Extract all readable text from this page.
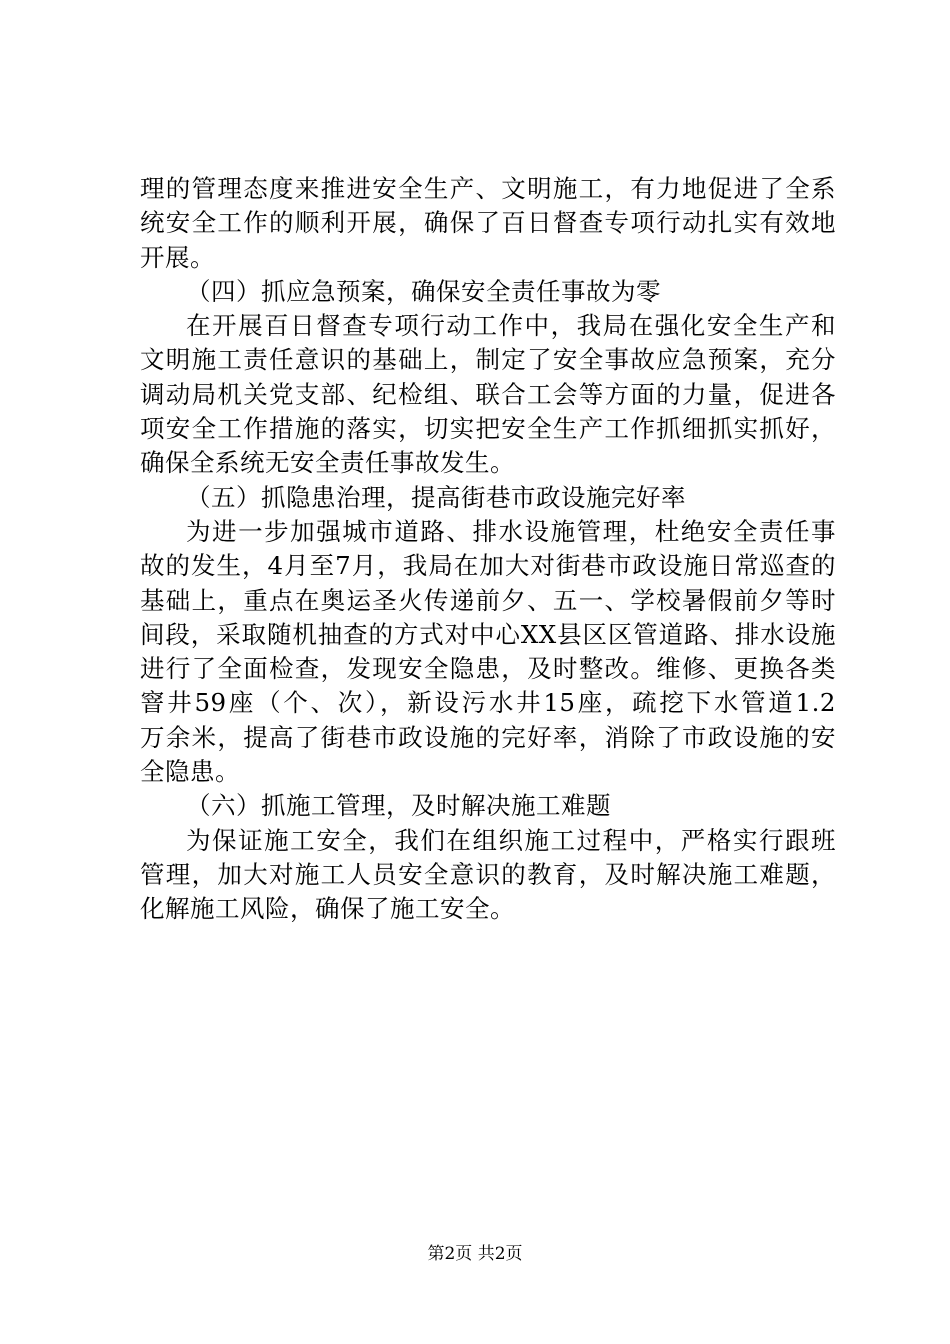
理的管理态度来推进安全生产、文明施工，有力地促进了全系
统安全工作的顺利开展，确保了百日督查专项行动扎实有效地
开展。
（四）抓应急预案，确保安全责任事故为零
在开展百日督查专项行动工作中，我局在强化安全生产和
文明施工责任意识的基础上，制定了安全事故应急预案，充分
调动局机关党支部、纪检组、联合工会等方面的力量，促进各
项安全工作措施的落实，切实把安全生产工作抓细抓实抓好，
确保全系统无安全责任事故发生。
（五）抓隐患治理，提高街巷市政设施完好率
为进一步加强城市道路、排水设施管理，杜绝安全责任事
故的发生，4月至7月，我局在加大对街巷市政设施日常巡查的
基础上，重点在奥运圣火传递前夕、五一、学校暑假前夕等时
间段，采取随机抽查的方式对中心XX县区区管道路、排水设施
进行了全面检查，发现安全隐患，及时整改。维修、更换各类
窨井59座（个、次），新设污水井15座，疏挖下水管道1.2
万余米，提高了街巷市政设施的完好率，消除了市政设施的安
全隐患。
（六）抓施工管理，及时解决施工难题
为保证施工安全，我们在组织施工过程中，严格实行跟班
管理，加大对施工人员安全意识的教育，及时解决施工难题，
化解施工风险，确保了施工安全。
第2页 共2页
